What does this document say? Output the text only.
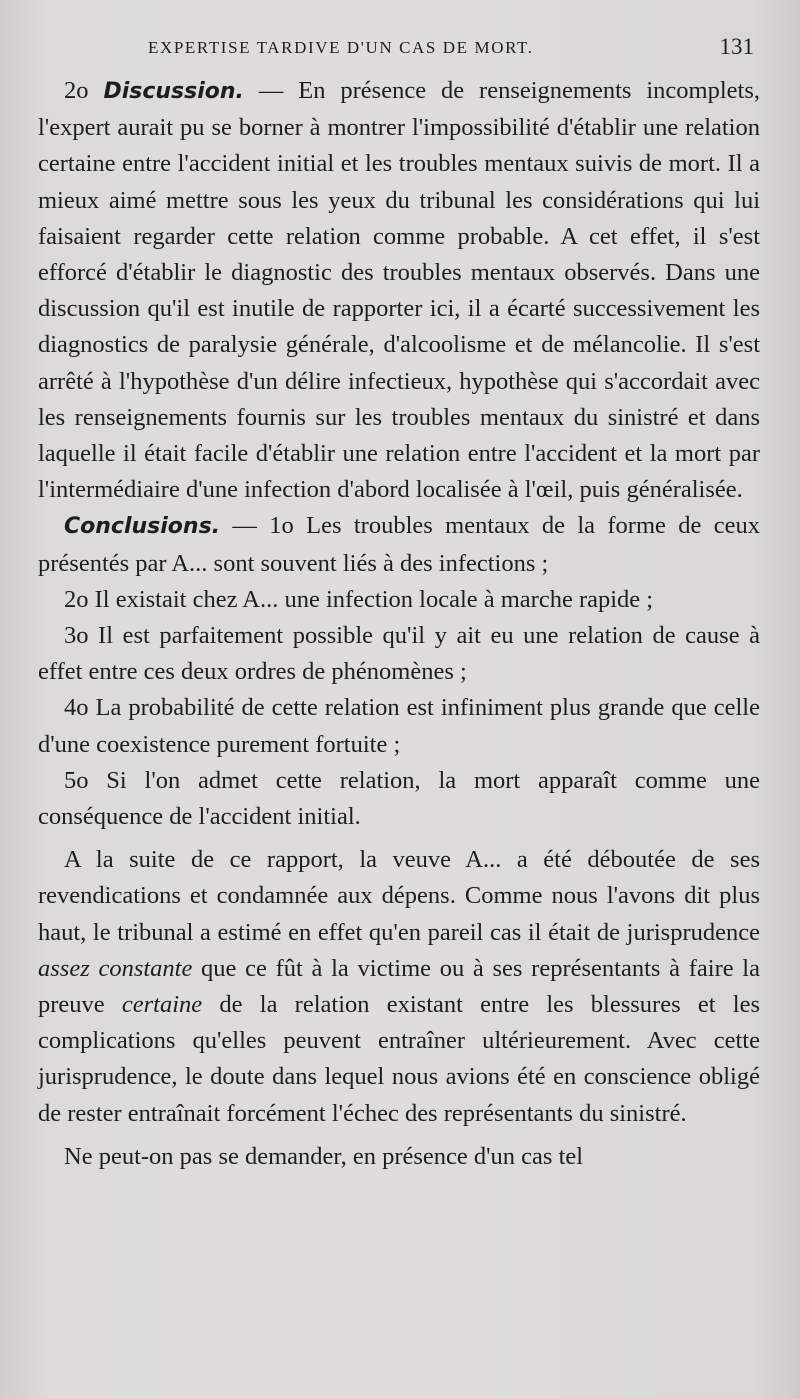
EXPERTISE TARDIVE D'UN CAS DE MORT.	131

2o Discussion. — En présence de renseignements incomplets, l'expert aurait pu se borner à montrer l'impossibilité d'établir une relation certaine entre l'accident initial et les troubles mentaux suivis de mort. Il a mieux aimé mettre sous les yeux du tribunal les considérations qui lui faisaient regarder cette relation comme probable. A cet effet, il s'est efforcé d'établir le diagnostic des troubles mentaux observés. Dans une discussion qu'il est inutile de rapporter ici, il a écarté successivement les diagnostics de paralysie générale, d'alcoolisme et de mélancolie. Il s'est arrêté à l'hypothèse d'un délire infectieux, hypothèse qui s'accordait avec les renseignements fournis sur les troubles mentaux du sinistré et dans laquelle il était facile d'établir une relation entre l'accident et la mort par l'intermédiaire d'une infection d'abord localisée à l'œil, puis généralisée.

Conclusions. — 1o Les troubles mentaux de la forme de ceux présentés par A... sont souvent liés à des infections ;

2o Il existait chez A... une infection locale à marche rapide ;

3o Il est parfaitement possible qu'il y ait eu une relation de cause à effet entre ces deux ordres de phénomènes ;

4o La probabilité de cette relation est infiniment plus grande que celle d'une coexistence purement fortuite ;

5o Si l'on admet cette relation, la mort apparaît comme une conséquence de l'accident initial.

A la suite de ce rapport, la veuve A... a été déboutée de ses revendications et condamnée aux dépens. Comme nous l'avons dit plus haut, le tribunal a estimé en effet qu'en pareil cas il était de jurisprudence assez constante que ce fût à la victime ou à ses représentants à faire la preuve certaine de la relation existant entre les blessures et les complications qu'elles peuvent entraîner ultérieurement. Avec cette jurisprudence, le doute dans lequel nous avions été en conscience obligé de rester entraînait forcément l'échec des représentants du sinistré.

Ne peut-on pas se demander, en présence d'un cas tel
